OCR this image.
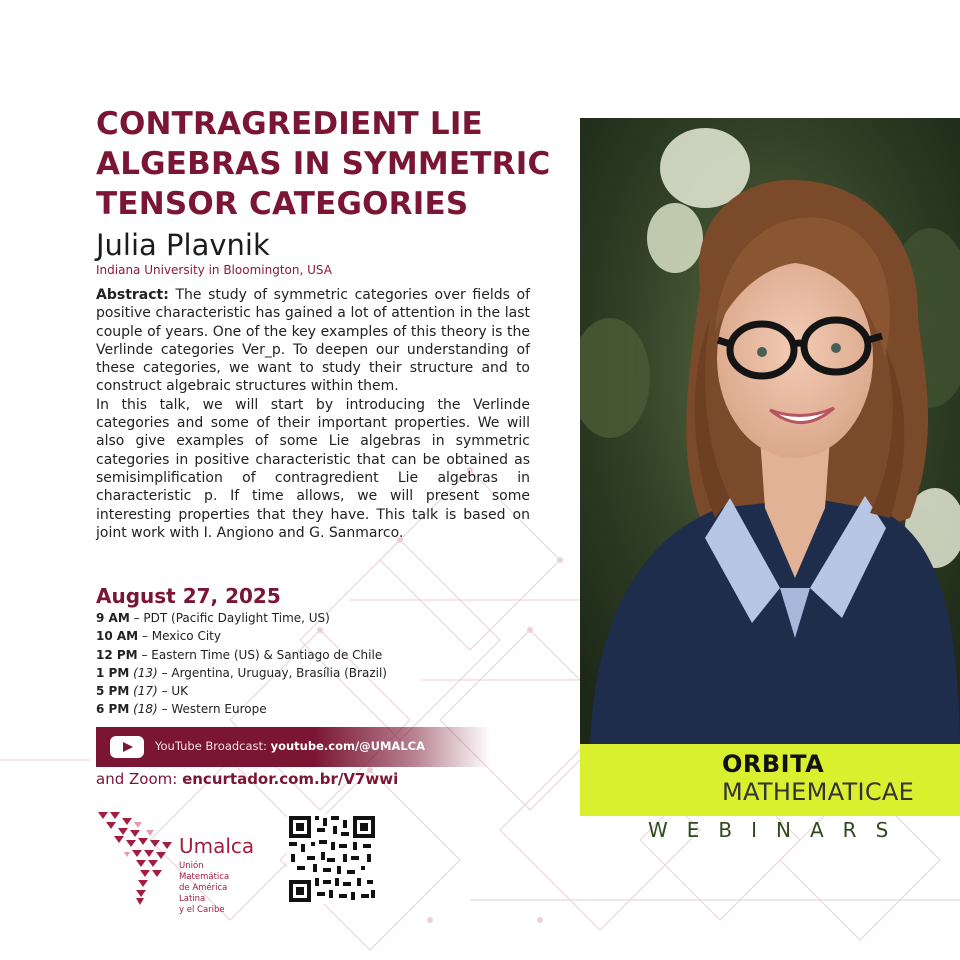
CONTRAGREDIENT LIE
ALGEBRAS IN SYMMETRIC
TENSOR CATEGORIES
Julia Plavnik
Indiana University in Bloomington, USA

Abstract: The study of symmetric categories over fields of positive characteristic has gained a lot of attention in the last couple of years. One of the key examples of this theory is the Verlinde categories Ver_p. To deepen our understanding of these categories, we want to study their structure and to construct algebraic structures within them.

In this talk, we will start by introducing the Verlinde categories and some of their important properties. We will also give examples of some Lie algebras in symmetric categories in positive characteristic that can be obtained as semisimplification of contragredient Lie algebras in characteristic p. If time allows, we will present some interesting properties that they have. This talk is based on joint work with I. Angiono and G. Sanmarco.

August 27, 2025
9 AM – PDT (Pacific Daylight Time, US)
10 AM – Mexico City
12 PM – Eastern Time (US) & Santiago de Chile
1 PM (13) – Argentina, Uruguay, Brasília (Brazil)
5 PM (17) – UK
6 PM (18) – Western Europe
YouTube Broadcast: youtube.com/@UMALCA
and Zoom: encurtador.com.br/V7wwi
Umalca
Unión Matemática
de América Latina
y el Caribe
ORBITA
MATHEMATICAE
WEBINARS
